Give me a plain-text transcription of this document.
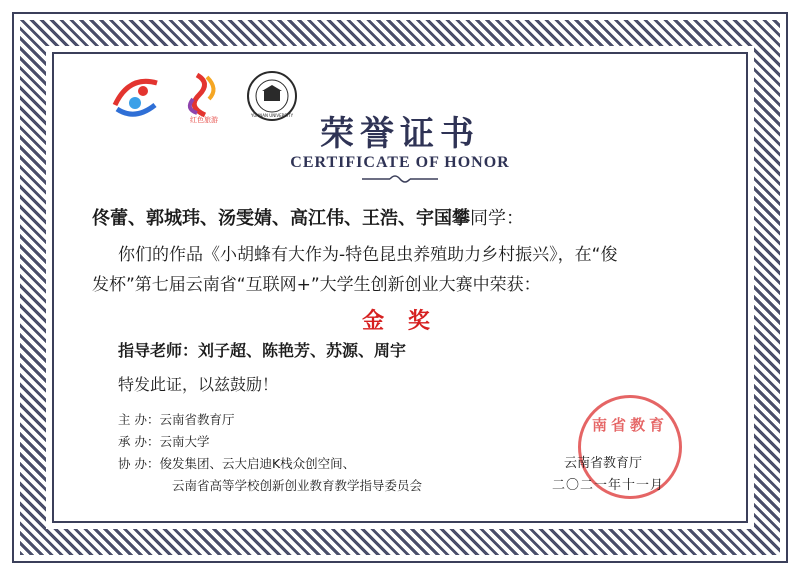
红色旅游
YUNNAN UNIVERSITY 荣誉证书
CERTIFICATE OF HONOR
佟蕾、郭城玮、汤雯婧、高江伟、王浩、宇国攀同学：
你们的作品《小胡蜂有大作为-特色昆虫养殖助力乡村振兴》，在“俊
发杯”第七届云南省“互联网+”大学生创新创业大赛中荣获：
金 奖
指导老师：刘子超、陈艳芳、苏源、周宇
特发此证，以兹鼓励！
主 办：云南省教育厅
承 办：云南大学
协 办：俊发集团、云大启迪K栈众创空间、
云南省高等学校创新创业教育教学指导委员会
南省教育
云南省教育厅
二〇二一年十一月
